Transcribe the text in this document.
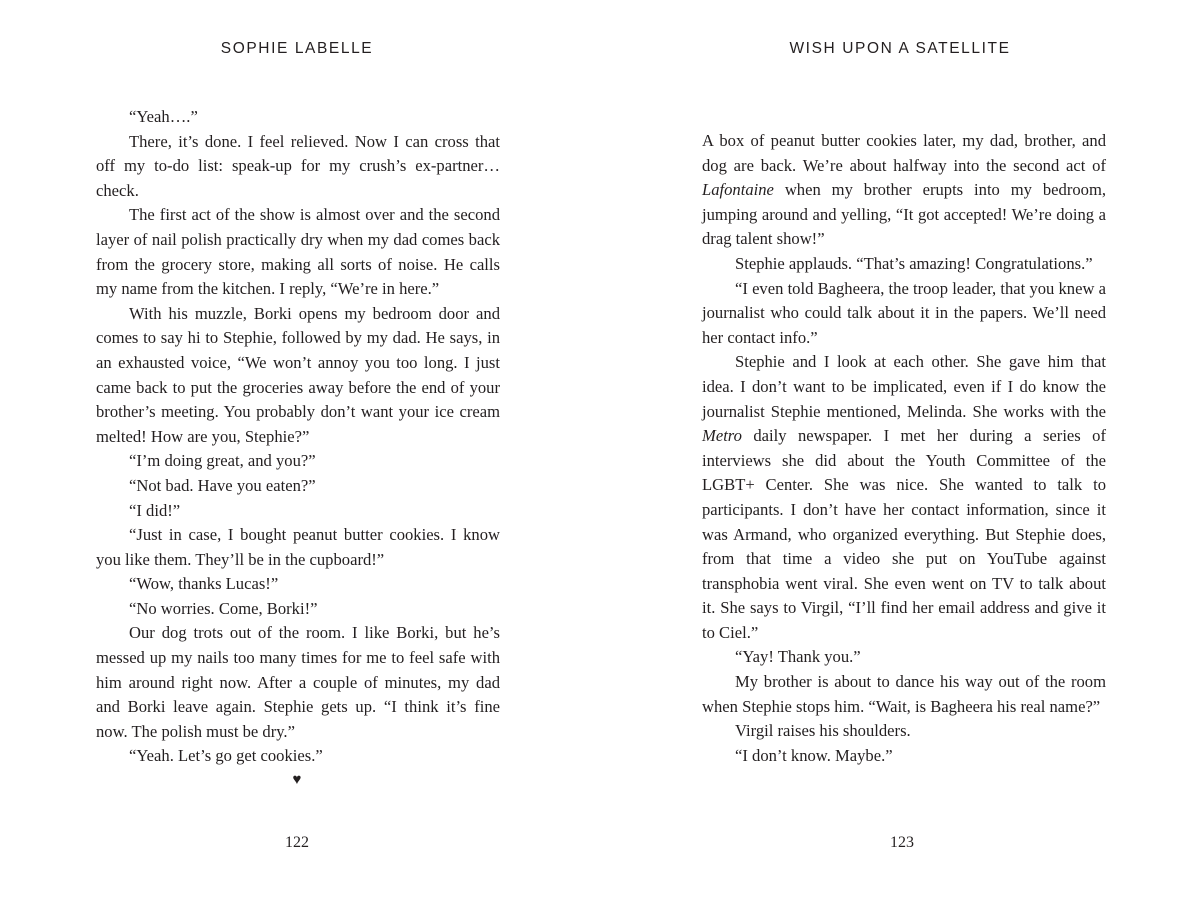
SOPHIE LABELLE

“Yeah….”

There, it’s done. I feel relieved. Now I can cross that off my to-do list: speak-up for my crush’s ex-partner…check.

The first act of the show is almost over and the second layer of nail polish practically dry when my dad comes back from the grocery store, making all sorts of noise. He calls my name from the kitchen. I reply, “We’re in here.”

With his muzzle, Borki opens my bedroom door and comes to say hi to Stephie, followed by my dad. He says, in an exhausted voice, “We won’t annoy you too long. I just came back to put the groceries away before the end of your brother’s meeting. You probably don’t want your ice cream melted! How are you, Stephie?”

“I’m doing great, and you?”

“Not bad. Have you eaten?”

“I did!”

“Just in case, I bought peanut butter cookies. I know you like them. They’ll be in the cupboard!”

“Wow, thanks Lucas!”

“No worries. Come, Borki!”

Our dog trots out of the room. I like Borki, but he’s messed up my nails too many times for me to feel safe with him around right now. After a couple of minutes, my dad and Borki leave again. Stephie gets up. “I think it’s fine now. The polish must be dry.”

“Yeah. Let’s go get cookies.”

♥
122
WISH UPON A SATELLITE

A box of peanut butter cookies later, my dad, brother, and dog are back. We’re about halfway into the second act of Lafontaine when my brother erupts into my bedroom, jumping around and yelling, “It got accepted! We’re doing a drag talent show!”

Stephie applauds. “That’s amazing! Congratulations.”

“I even told Bagheera, the troop leader, that you knew a journalist who could talk about it in the papers. We’ll need her contact info.”

Stephie and I look at each other. She gave him that idea. I don’t want to be implicated, even if I do know the journalist Stephie mentioned, Melinda. She works with the Metro daily newspaper. I met her during a series of interviews she did about the Youth Committee of the LGBT+ Center. She was nice. She wanted to talk to participants. I don’t have her contact information, since it was Armand, who organized everything. But Stephie does, from that time a video she put on YouTube against transphobia went viral. She even went on TV to talk about it. She says to Virgil, “I’ll find her email address and give it to Ciel.”

“Yay! Thank you.”

My brother is about to dance his way out of the room when Stephie stops him. “Wait, is Bagheera his real name?”

Virgil raises his shoulders.

“I don’t know. Maybe.”

123
